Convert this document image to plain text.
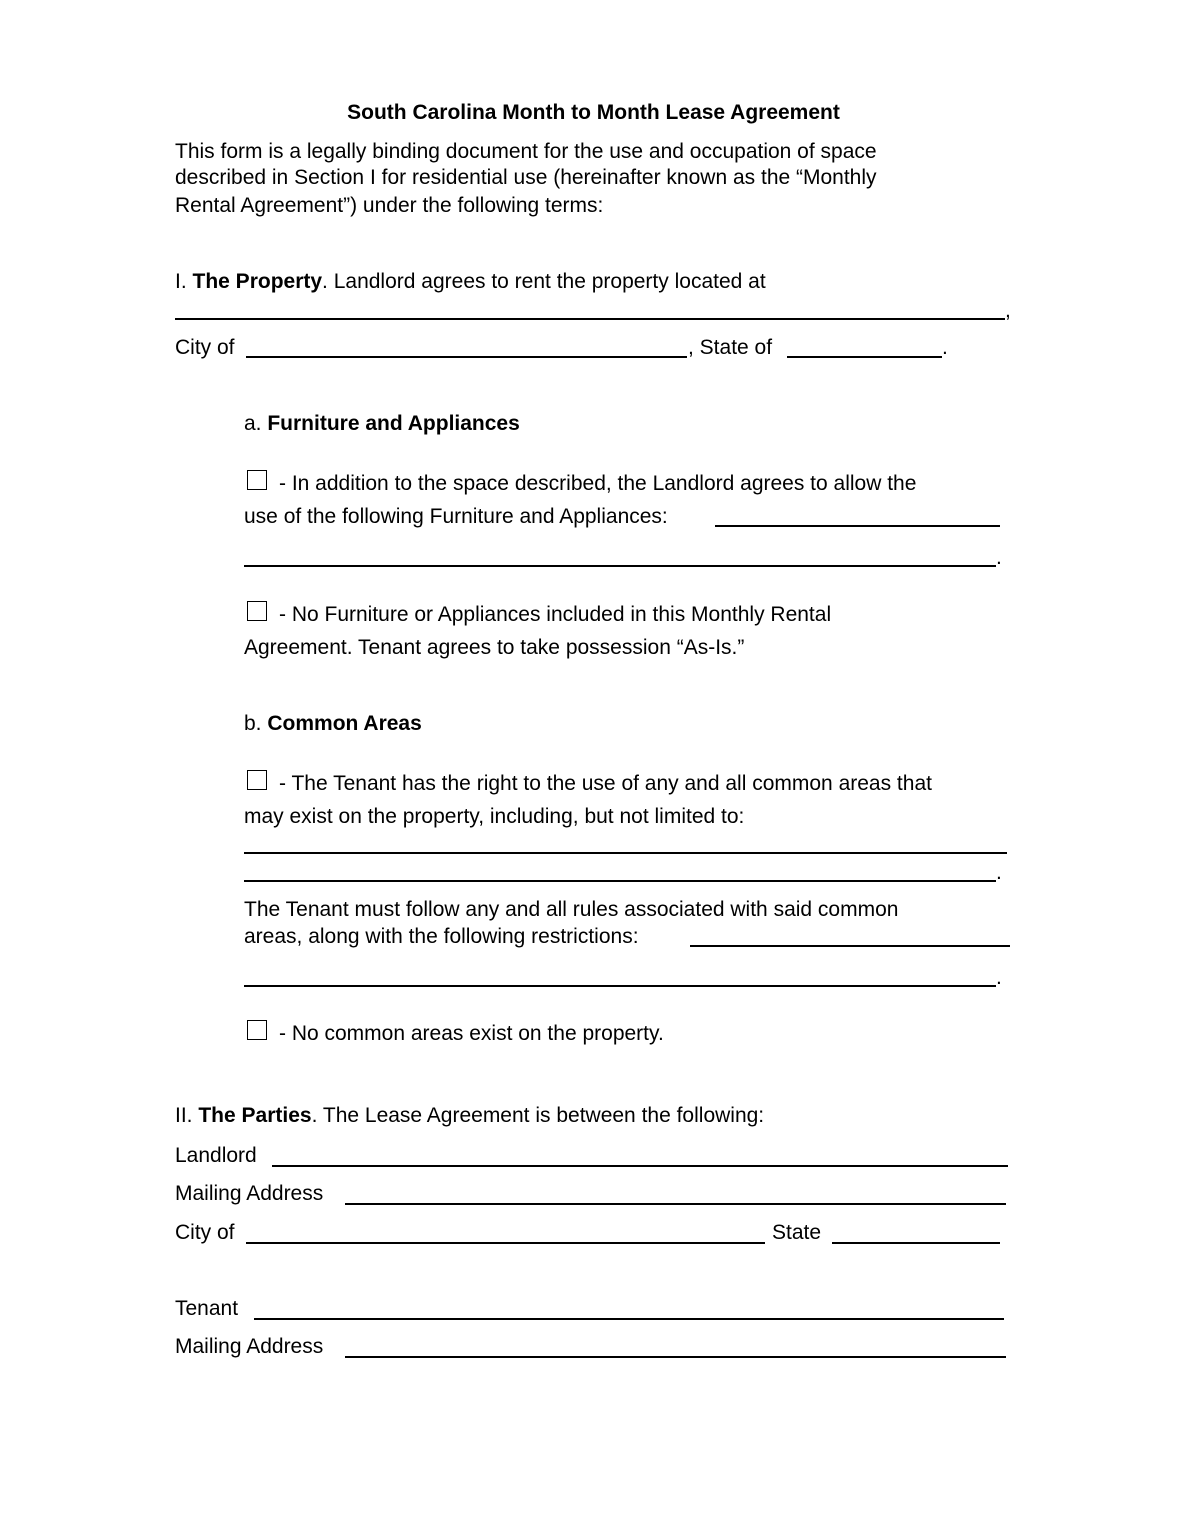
South Carolina Month to Month Lease Agreement
This form is a legally binding document for the use and occupation of space
described in Section I for residential use (hereinafter known as the “Monthly
Rental Agreement”) under the following terms:
I. The Property. Landlord agrees to rent the property located at
,
City of	, State of	.
a. Furniture and Appliances
- In addition to the space described, the Landlord agrees to allow the
use of the following Furniture and Appliances:
.
- No Furniture or Appliances included in this Monthly Rental
Agreement. Tenant agrees to take possession “As-Is.”
b. Common Areas
- The Tenant has the right to the use of any and all common areas that
may exist on the property, including, but not limited to:
.
The Tenant must follow any and all rules associated with said common
areas, along with the following restrictions:
.
- No common areas exist on the property.
II. The Parties. The Lease Agreement is between the following:
Landlord
Mailing Address
City of	State
Tenant
Mailing Address
